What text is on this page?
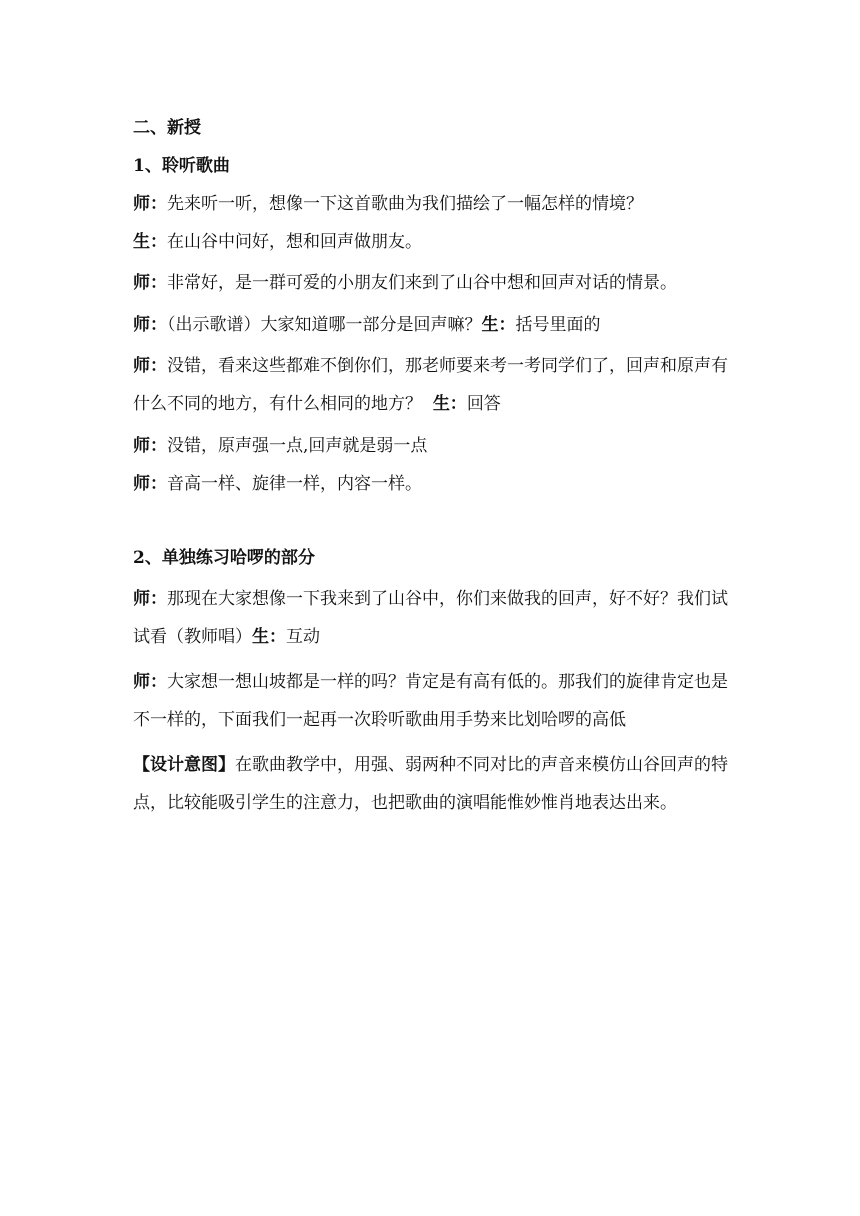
二、新授

1、聆听歌曲

师：先来听一听，想像一下这首歌曲为我们描绘了一幅怎样的情境？

生：在山谷中问好，想和回声做朋友。

师：非常好，是一群可爱的小朋友们来到了山谷中想和回声对话的情景。

师：（出示歌谱）大家知道哪一部分是回声嘛？生：括号里面的

师：没错，看来这些都难不倒你们，那老师要来考一考同学们了，回声和原声有什么不同的地方，有什么相同的地方？  生：回答

师：没错，原声强一点,回声就是弱一点

师：音高一样、旋律一样，内容一样。

2、单独练习哈啰的部分

师：那现在大家想像一下我来到了山谷中，你们来做我的回声，好不好？我们试试看（教师唱）生：互动

师：大家想一想山坡都是一样的吗？肯定是有高有低的。那我们的旋律肯定也是不一样的，下面我们一起再一次聆听歌曲用手势来比划哈啰的高低

【设计意图】在歌曲教学中，用强、弱两种不同对比的声音来模仿山谷回声的特点，比较能吸引学生的注意力，也把歌曲的演唱能惟妙惟肖地表达出来。
